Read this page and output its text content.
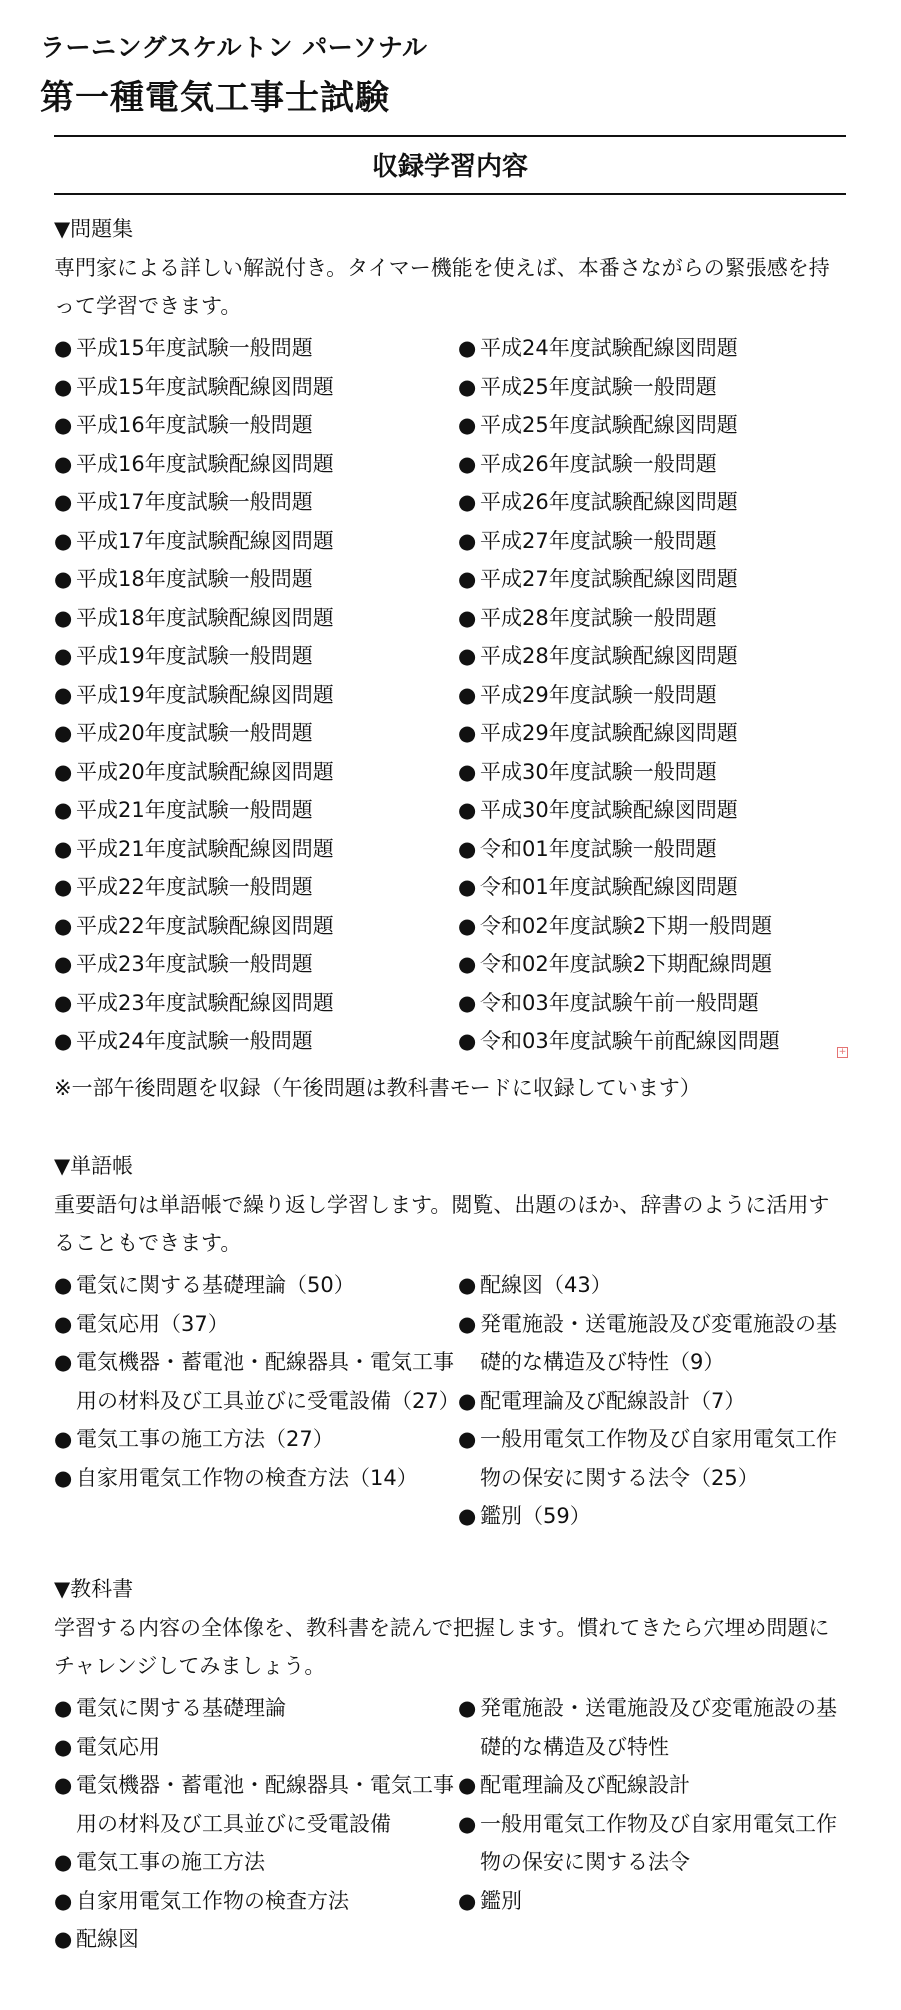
ラーニングスケルトン パーソナル
第一種電気工事士試験
収録学習内容
▼問題集

専門家による詳しい解説付き。タイマー機能を使えば、本番さながらの緊張感を持って学習できます。

● 平成15年度試験一般問題
● 平成15年度試験配線図問題
● 平成16年度試験一般問題
● 平成16年度試験配線図問題
● 平成17年度試験一般問題
● 平成17年度試験配線図問題
● 平成18年度試験一般問題
● 平成18年度試験配線図問題
● 平成19年度試験一般問題
● 平成19年度試験配線図問題
● 平成20年度試験一般問題
● 平成20年度試験配線図問題
● 平成21年度試験一般問題
● 平成21年度試験配線図問題
● 平成22年度試験一般問題
● 平成22年度試験配線図問題
● 平成23年度試験一般問題
● 平成23年度試験配線図問題
● 平成24年度試験一般問題
● 平成24年度試験配線図問題
● 平成25年度試験一般問題
● 平成25年度試験配線図問題
● 平成26年度試験一般問題
● 平成26年度試験配線図問題
● 平成27年度試験一般問題
● 平成27年度試験配線図問題
● 平成28年度試験一般問題
● 平成28年度試験配線図問題
● 平成29年度試験一般問題
● 平成29年度試験配線図問題
● 平成30年度試験一般問題
● 平成30年度試験配線図問題
● 令和01年度試験一般問題
● 令和01年度試験配線図問題
● 令和02年度試験2下期一般問題
● 令和02年度試験2下期配線問題
● 令和03年度試験午前一般問題
● 令和03年度試験午前配線図問題
※一部午後問題を収録（午後問題は教科書モードに収録しています）
+
▼単語帳

重要語句は単語帳で繰り返し学習します。閲覧、出題のほか、辞書のように活用することもできます。

● 電気に関する基礎理論（50）
● 電気応用（37）
● 電気機器・蓄電池・配線器具・電気工事用の材料及び工具並びに受電設備（27）
● 電気工事の施工方法（27）
● 自家用電気工作物の検査方法（14）
● 配線図（43）
● 発電施設・送電施設及び変電施設の基礎的な構造及び特性（9）
● 配電理論及び配線設計（7）
● 一般用電気工作物及び自家用電気工作物の保安に関する法令（25）
● 鑑別（59）
▼教科書

学習する内容の全体像を、教科書を読んで把握します。慣れてきたら穴埋め問題にチャレンジしてみましょう。

● 電気に関する基礎理論
● 電気応用
● 電気機器・蓄電池・配線器具・電気工事用の材料及び工具並びに受電設備
● 電気工事の施工方法
● 自家用電気工作物の検査方法
● 配線図
● 発電施設・送電施設及び変電施設の基礎的な構造及び特性
● 配電理論及び配線設計
● 一般用電気工作物及び自家用電気工作物の保安に関する法令
● 鑑別
